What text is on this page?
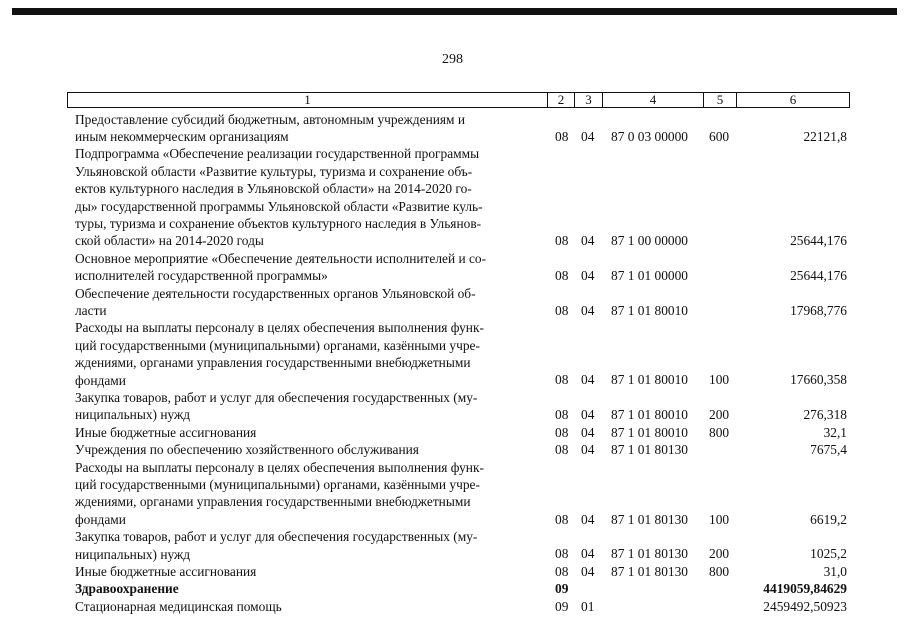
298
1	2	3	4	5	6
Предоставление субсидий бюджетным, автономным учреждениям и
иным некоммерческим организациям	08 04	87 0 03 00000	600	22121,8
Подпрограмма «Обеспечение реализации государственной программы
Ульяновской области «Развитие культуры, туризма и сохранение объ-
ектов культурного наследия в Ульяновской области» на 2014-2020 го-
ды» государственной программы Ульяновской области «Развитие куль-
туры, туризма и сохранение объектов культурного наследия в Ульянов-
ской области» на 2014-2020 годы	08 04	87 1 00 00000	25644,176
Основное мероприятие «Обеспечение деятельности исполнителей и со-
исполнителей государственной программы»	08 04	87 1 01 00000	25644,176
Обеспечение деятельности государственных органов Ульяновской об-
ласти	08 04	87 1 01 80010	17968,776
Расходы на выплаты персоналу в целях обеспечения выполнения функ-
ций государственными (муниципальными) органами, казёнными учре-
ждениями, органами управления государственными внебюджетными
фондами	08 04	87 1 01 80010	100	17660,358
Закупка товаров, работ и услуг для обеспечения государственных (му-
ниципальных) нужд	08 04	87 1 01 80010	200	276,318
Иные бюджетные ассигнования	08 04	87 1 01 80010	800	32,1
Учреждения по обеспечению хозяйственного обслуживания	08 04	87 1 01 80130	7675,4
Расходы на выплаты персоналу в целях обеспечения выполнения функ-
ций государственными (муниципальными) органами, казёнными учре-
ждениями, органами управления государственными внебюджетными
фондами	08 04	87 1 01 80130	100	6619,2
Закупка товаров, работ и услуг для обеспечения государственных (му-
ниципальных) нужд	08 04	87 1 01 80130	200	1025,2
Иные бюджетные ассигнования	08 04	87 1 01 80130	800	31,0
Здравоохранение	09	4419059,84629
Стационарная медицинская помощь	09 01	2459492,50923
